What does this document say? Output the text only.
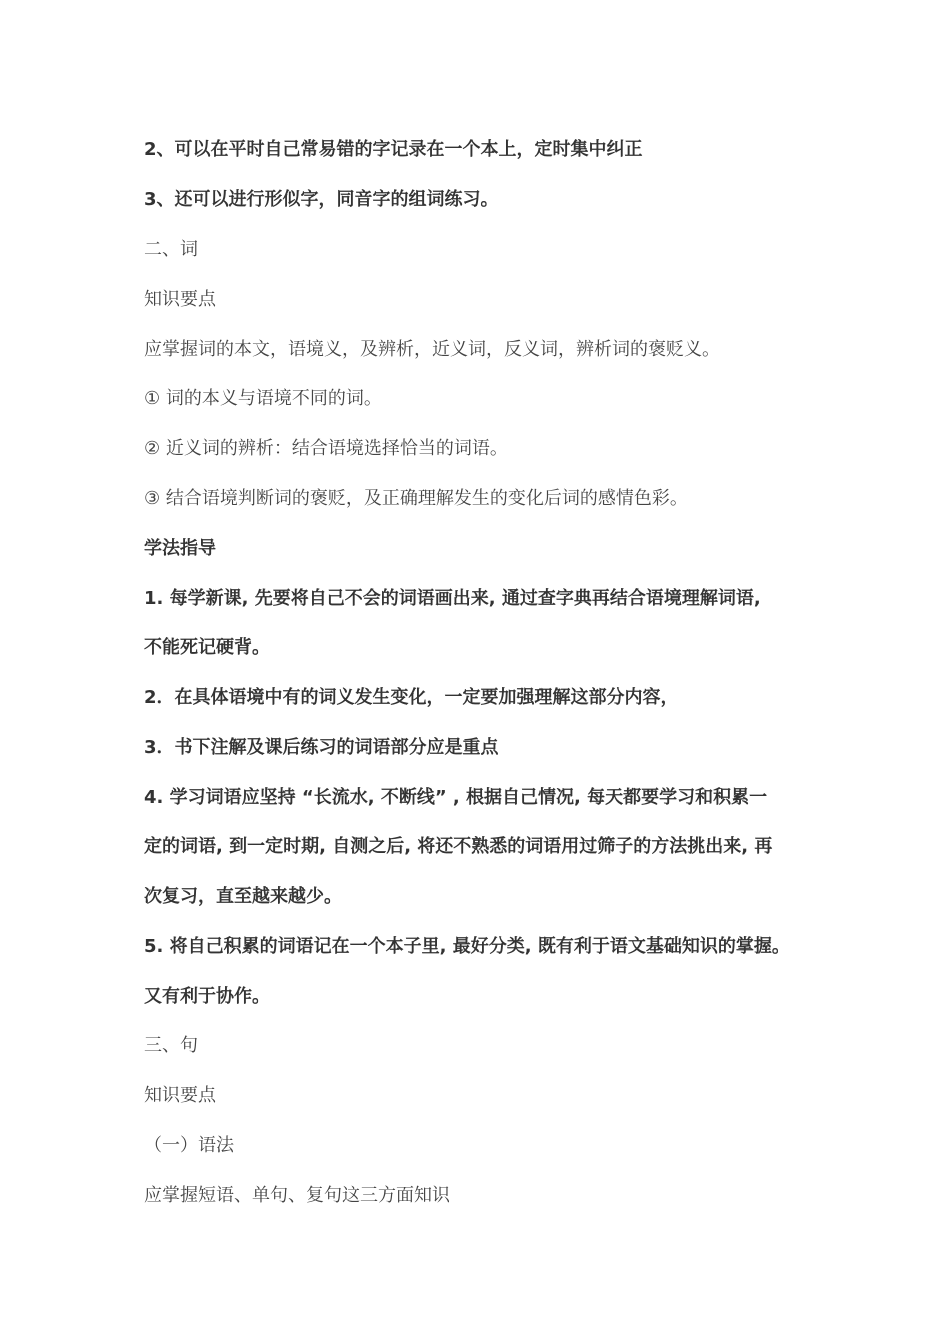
2、可以在平时自己常易错的字记录在一个本上，定时集中纠正
3、还可以进行形似字，同音字的组词练习。
二、词
知识要点
应掌握词的本文，语境义，及辨析，近义词，反义词，辨析词的褒贬义。
① 词的本义与语境不同的词。
② 近义词的辨析：结合语境选择恰当的词语。
③ 结合语境判断词的褒贬，及正确理解发生的变化后词的感情色彩。
学法指导
1. 每学新课, 先要将自己不会的词语画出来, 通过查字典再结合语境理解词语,
不能死记硬背。
2．在具体语境中有的词义发生变化，一定要加强理解这部分内容，
3．书下注解及课后练习的词语部分应是重点
4. 学习词语应坚持 “长流水, 不断线” , 根据自己情况, 每天都要学习和积累一
定的词语, 到一定时期, 自测之后, 将还不熟悉的词语用过筛子的方法挑出来, 再
次复习，直至越来越少。
5. 将自己积累的词语记在一个本子里, 最好分类, 既有利于语文基础知识的掌握。
又有利于协作。
三、句
知识要点
（一）语法
应掌握短语、单句、复句这三方面知识
